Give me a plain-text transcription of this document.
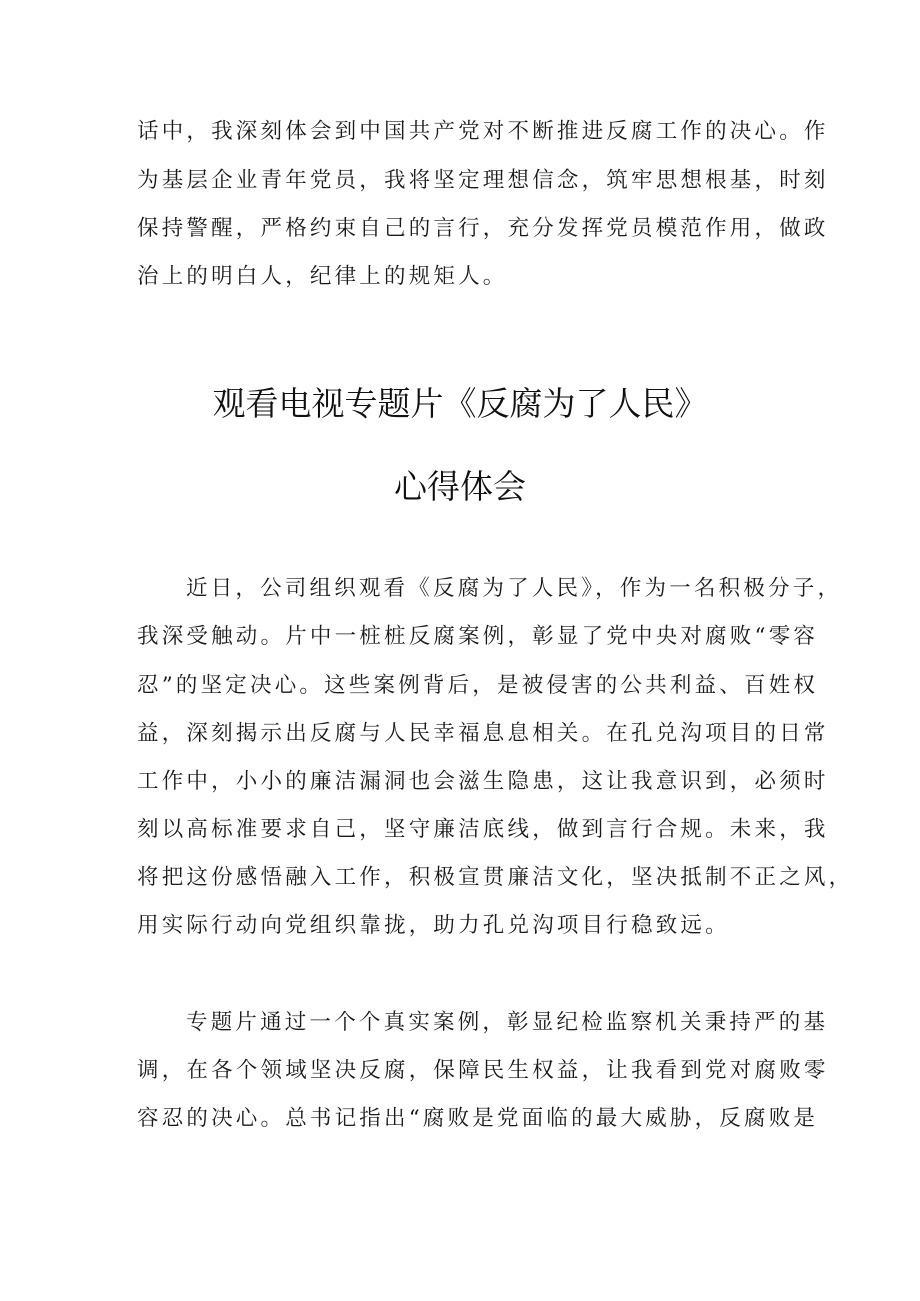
话中，我深刻体会到中国共产党对不断推进反腐工作的决心。作
为基层企业青年党员，我将坚定理想信念，筑牢思想根基，时刻
保持警醒，严格约束自己的言行，充分发挥党员模范作用，做政
治上的明白人，纪律上的规矩人。
观看电视专题片《反腐为了人民》
心得体会
近日，公司组织观看《反腐为了人民》，作为一名积极分子，
我深受触动。片中一桩桩反腐案例，彰显了党中央对腐败“零容
忍”的坚定决心。这些案例背后，是被侵害的公共利益、百姓权
益，深刻揭示出反腐与人民幸福息息相关。在孔兑沟项目的日常
工作中，小小的廉洁漏洞也会滋生隐患，这让我意识到，必须时
刻以高标准要求自己，坚守廉洁底线，做到言行合规。未来，我
将把这份感悟融入工作，积极宣贯廉洁文化，坚决抵制不正之风，
用实际行动向党组织靠拢，助力孔兑沟项目行稳致远。
专题片通过一个个真实案例，彰显纪检监察机关秉持严的基
调，在各个领域坚决反腐，保障民生权益，让我看到党对腐败零
容忍的决心。总书记指出“腐败是党面临的最大威胁，反腐败是
